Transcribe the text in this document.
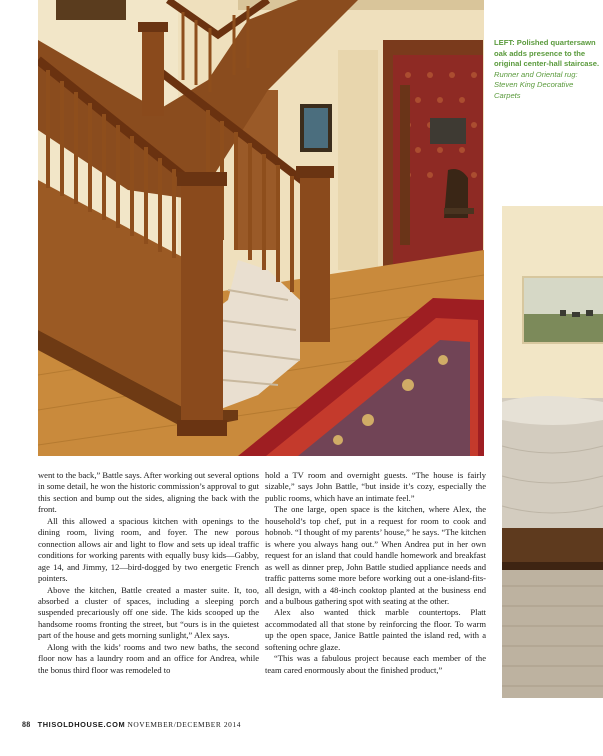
LEFT: Polished quartersawn oak adds presence to the original center-hall staircase. Runner and Oriental rug: Steven King Decorative Carpets

went to the back,” Battle says. After working out several options in some detail, he won the historic commission’s approval to gut this section and bump out the sides, aligning the back with the front.

All this allowed a spacious kitchen with openings to the dining room, living room, and foyer. The new porous connection allows air and light to flow and sets up ideal traffic conditions for working parents with equally busy kids—Gabby, age 14, and Jimmy, 12—bird-dogged by two energetic French pointers.

Above the kitchen, Battle created a master suite. It, too, absorbed a cluster of spaces, including a sleeping porch suspended precariously off one side. The kids scooped up the handsome rooms fronting the street, but “ours is in the quietest part of the house and gets morning sunlight,” Alex says.

Along with the kids’ rooms and two new baths, the second floor now has a laundry room and an office for Andrea, while the bonus third floor was remodeled to

hold a TV room and overnight guests. “The house is fairly sizable,” says John Battle, “but inside it’s cozy, especially the public rooms, which have an intimate feel.”

The one large, open space is the kitchen, where Alex, the household’s top chef, put in a request for room to cook and hobnob. “I thought of my parents’ house,” he says. “The kitchen is where you always hang out.” When Andrea put in her own request for an island that could handle homework and breakfast as well as dinner prep, John Battle studied appliance needs and traffic patterns some more before working out a one-island-fits-all design, with a 48-inch cooktop planted at the business end and a bulbous gathering spot with seating at the other.

Alex also wanted thick marble countertops. Platt accommodated all that stone by reinforcing the floor. To warm up the open space, Janice Battle painted the island red, with a softening ochre glaze.

“This was a fabulous project because each member of the team cared enormously about the finished product,”

88 THISOLDHOUSE.COM NOVEMBER/DECEMBER 2014
